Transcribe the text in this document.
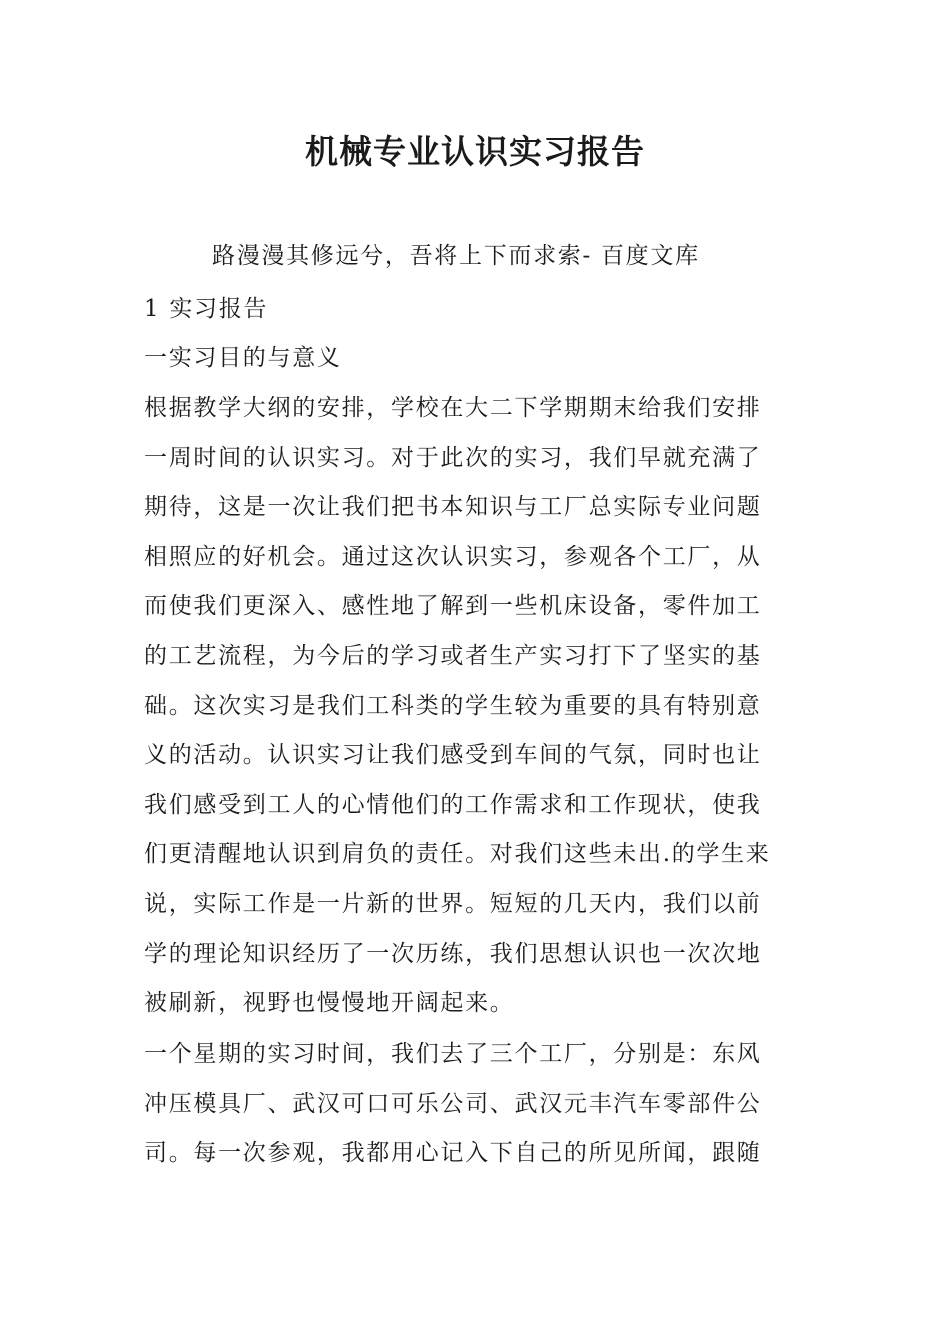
机械专业认识实习报告
路漫漫其修远兮，吾将上下而求索- 百度文库
1 实习报告
一实习目的与意义
根据教学大纲的安排，学校在大二下学期期末给我们安排
一周时间的认识实习。对于此次的实习，我们早就充满了
期待，这是一次让我们把书本知识与工厂总实际专业问题
相照应的好机会。通过这次认识实习，参观各个工厂，从
而使我们更深入、感性地了解到一些机床设备，零件加工
的工艺流程，为今后的学习或者生产实习打下了坚实的基
础。这次实习是我们工科类的学生较为重要的具有特别意
义的活动。认识实习让我们感受到车间的气氛，同时也让
我们感受到工人的心情他们的工作需求和工作现状，使我
们更清醒地认识到肩负的责任。对我们这些未出.的学生来
说，实际工作是一片新的世界。短短的几天内，我们以前
学的理论知识经历了一次历练，我们思想认识也一次次地
被刷新，视野也慢慢地开阔起来。
一个星期的实习时间，我们去了三个工厂，分别是：东风
冲压模具厂、武汉可口可乐公司、武汉元丰汽车零部件公
司。每一次参观，我都用心记入下自己的所见所闻，跟随
